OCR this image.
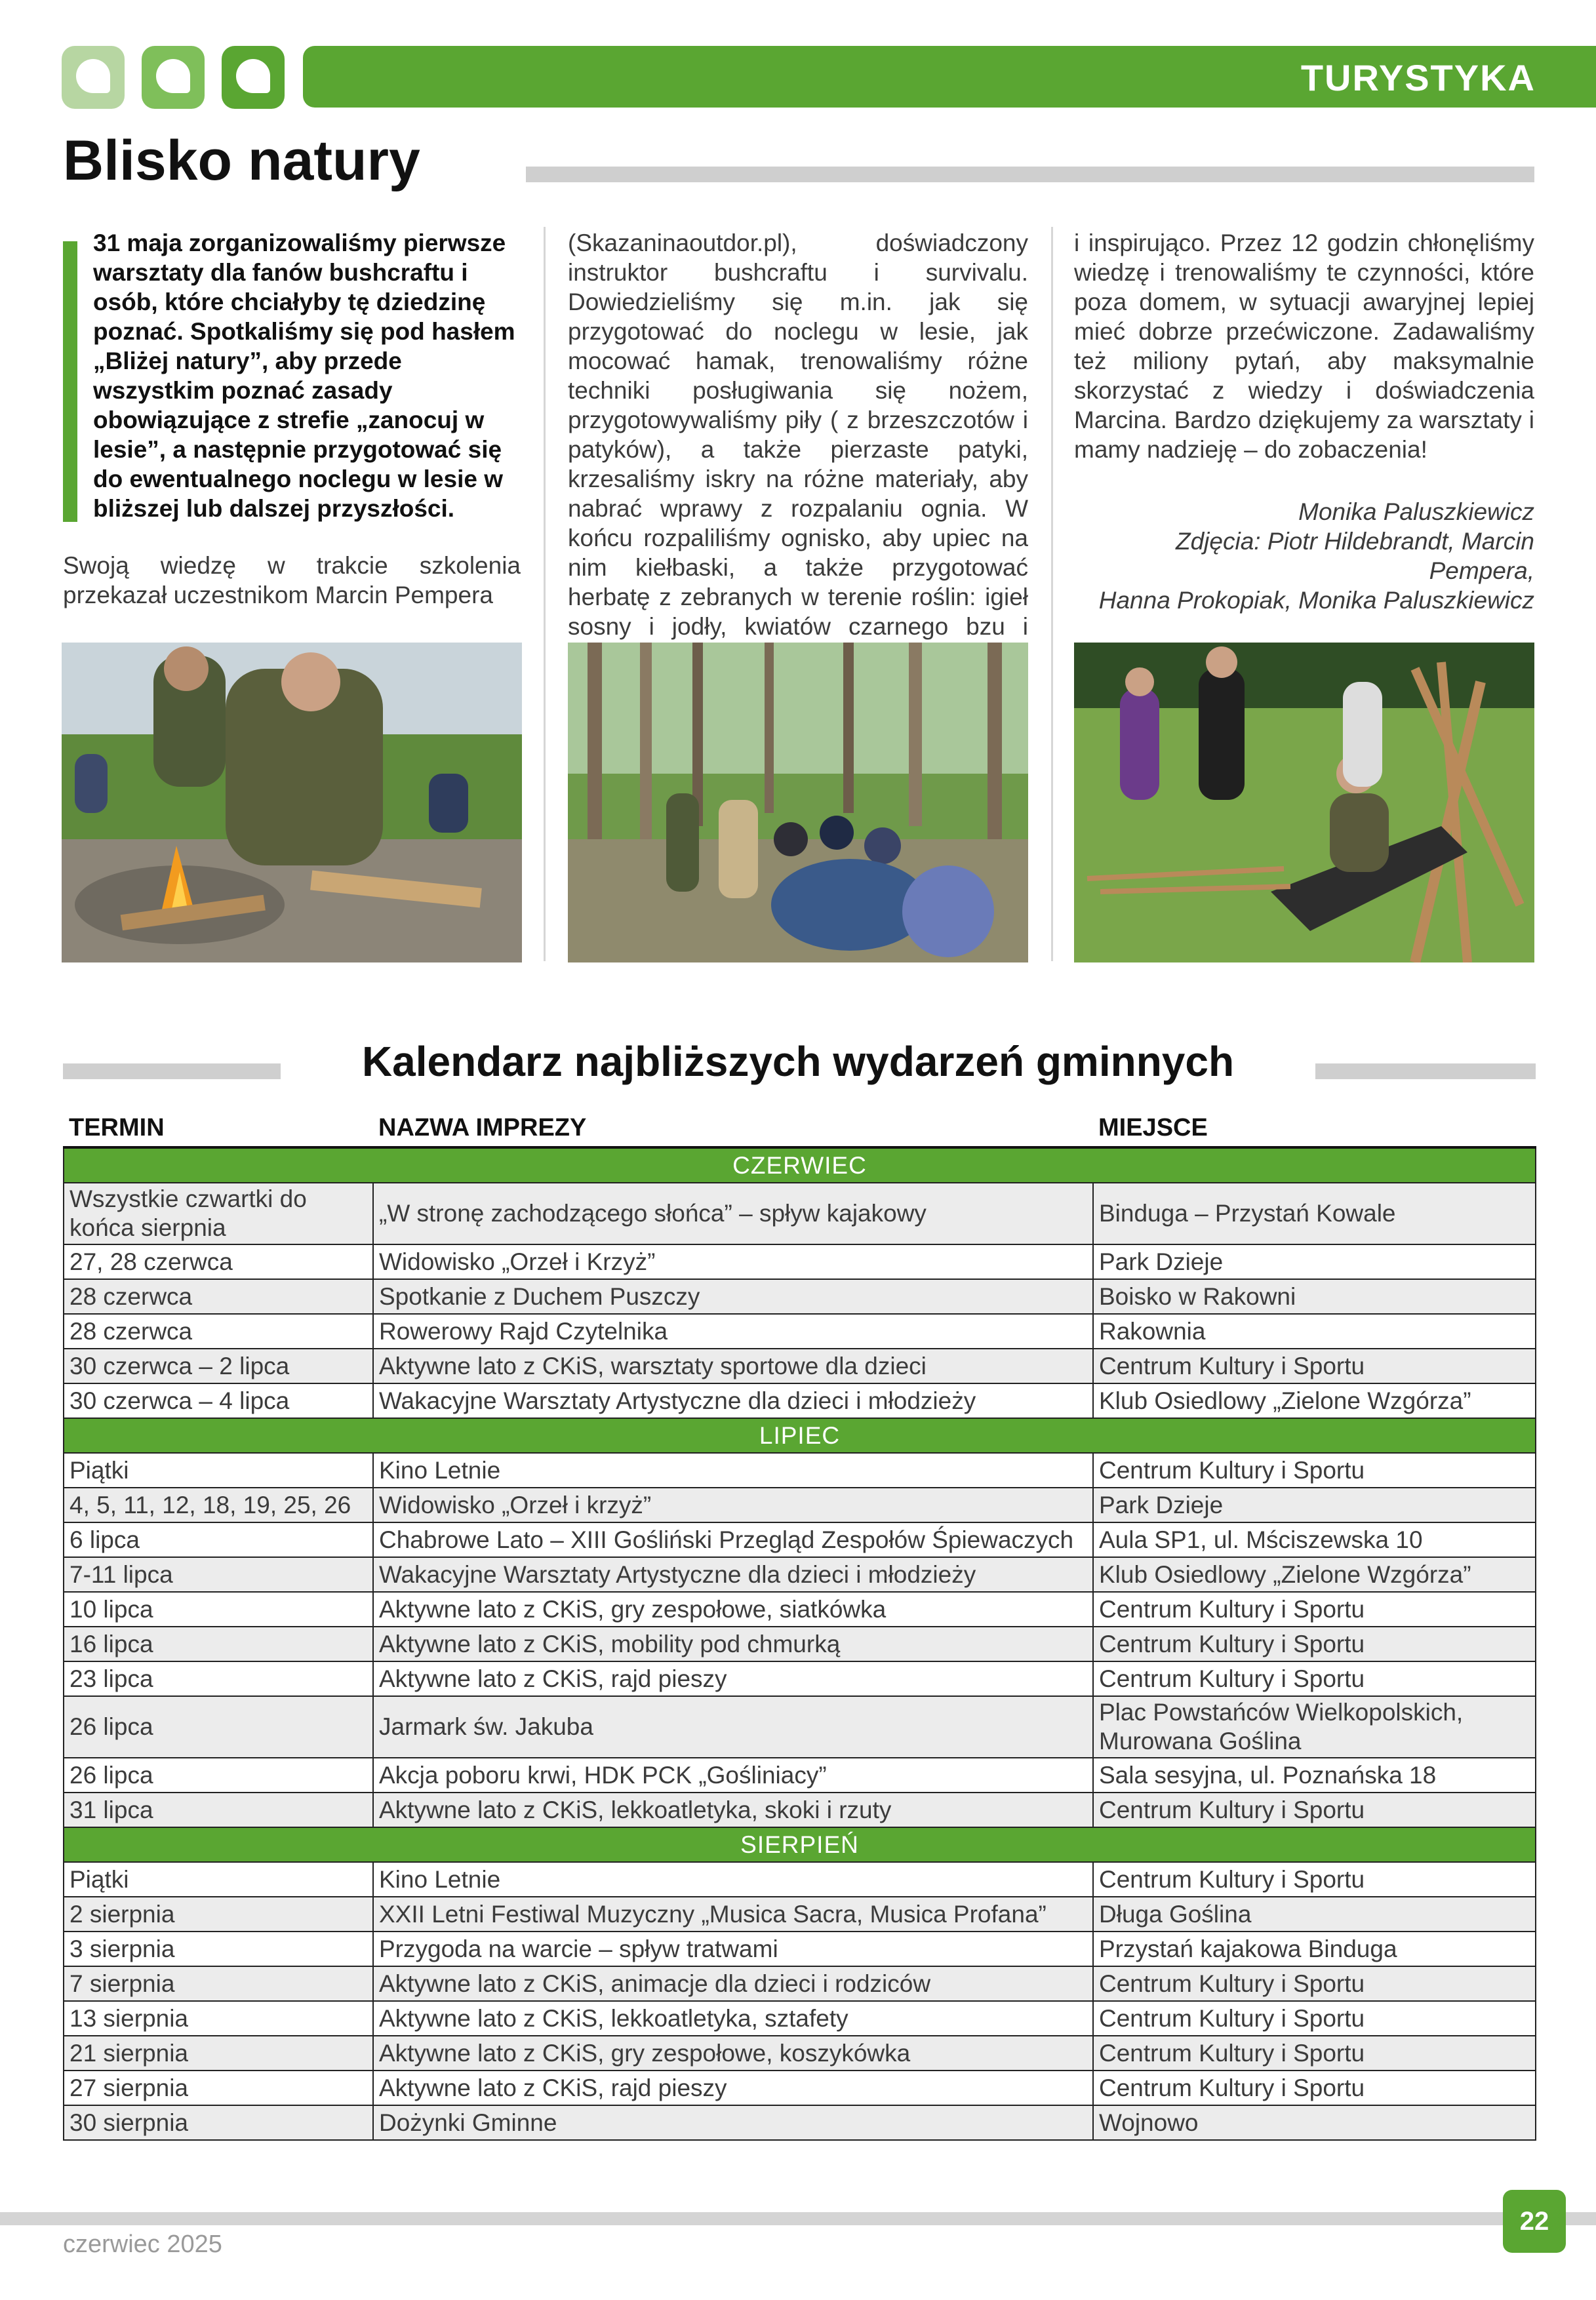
TURYSTYKA
Blisko natury
31 maja zorganizowaliśmy pierwsze warsztaty dla fanów bushcraftu i osób, które chciałyby tę dziedzinę poznać. Spotkaliśmy się pod hasłem „Bliżej natury”, aby przede wszystkim poznać zasady obowiązujące z strefie „zanocuj w lesie”, a następnie przygotować się do ewentualnego noclegu w lesie w bliższej lub dalszej przyszłości.
Swoją wiedzę w trakcie szkolenia przekazał uczestnikom Marcin Pempera
(Skazaninaoutdor.pl), doświadczony instruktor bushcraftu i survivalu. Dowiedzieliśmy się m.in. jak się przygotować do noclegu w lesie, jak mocować hamak, trenowaliśmy różne techniki posługiwania się nożem, przygotowywaliśmy piły ( z brzeszczotów i patyków), a także pierzaste patyki, krzesaliśmy iskry na różne materiały, aby nabrać wprawy z rozpalaniu ognia. W końcu rozpaliliśmy ognisko, aby upiec na nim kiełbaski, a także przygotować herbatę z zebranych w terenie roślin: igieł sosny i jodły, kwiatów czarnego bzu i
i inspirująco. Przez 12 godzin chłonęliśmy wiedzę i trenowaliśmy te czynności, które poza domem, w sytuacji awaryjnej lepiej mieć dobrze przećwiczone. Zadawaliśmy też miliony pytań, aby maksymalnie skorzystać z wiedzy i doświadczenia Marcina. Bardzo dziękujemy za warsztaty i mamy nadzieję – do zobaczenia!
Monika Paluszkiewicz
Zdjęcia: Piotr Hildebrandt, Marcin Pempera,
Hanna Prokopiak, Monika Paluszkiewicz
Kalendarz najbliższych wydarzeń gminnych
TERMIN	NAZWA IMPREZY	MIEJSCE
CZERWIEC		
Wszystkie czwartki do końca sierpnia	„W stronę zachodzącego słońca” – spływ kajakowy	Binduga – Przystań Kowale
27, 28 czerwca	Widowisko „Orzeł i Krzyż”	Park Dzieje
28 czerwca	Spotkanie z Duchem Puszczy	Boisko w Rakowni
28 czerwca	Rowerowy Rajd Czytelnika	Rakownia
30 czerwca – 2 lipca	Aktywne lato z CKiS, warsztaty sportowe dla dzieci	Centrum Kultury i Sportu
30 czerwca – 4 lipca	Wakacyjne Warsztaty Artystyczne dla dzieci i młodzieży	Klub Osiedlowy „Zielone Wzgórza”
LIPIEC		
Piątki	Kino Letnie	Centrum Kultury i Sportu
4, 5, 11, 12, 18, 19, 25, 26	Widowisko „Orzeł i krzyż”	Park Dzieje
6 lipca	Chabrowe Lato – XIII Gośliński Przegląd Zespołów Śpiewaczych	Aula SP1, ul. Mściszewska 10
7-11 lipca	Wakacyjne Warsztaty Artystyczne dla dzieci i młodzieży	Klub Osiedlowy „Zielone Wzgórza”
10 lipca	Aktywne lato z CKiS, gry zespołowe, siatkówka	Centrum Kultury i Sportu
16 lipca	Aktywne lato z CKiS, mobility pod chmurką	Centrum Kultury i Sportu
23 lipca	Aktywne lato z CKiS, rajd pieszy	Centrum Kultury i Sportu
26 lipca	Jarmark św. Jakuba	Plac Powstańców Wielkopolskich, Murowana Goślina
26 lipca	Akcja poboru krwi, HDK PCK „Gośliniacy”	Sala sesyjna, ul. Poznańska 18
31 lipca	Aktywne lato z CKiS, lekkoatletyka, skoki i rzuty	Centrum Kultury i Sportu
SIERPIEŃ		
Piątki	Kino Letnie	Centrum Kultury i Sportu
2 sierpnia	XXII Letni Festiwal Muzyczny „Musica Sacra, Musica Profana”	Długa Goślina
3 sierpnia	Przygoda na warcie – spływ tratwami	Przystań kajakowa Binduga
7 sierpnia	Aktywne lato z CKiS, animacje dla dzieci i rodziców	Centrum Kultury i Sportu
13 sierpnia	Aktywne lato z CKiS, lekkoatletyka, sztafety	Centrum Kultury i Sportu
21 sierpnia	Aktywne lato z CKiS, gry zespołowe, koszykówka	Centrum Kultury i Sportu
27 sierpnia	Aktywne lato z CKiS, rajd pieszy	Centrum Kultury i Sportu
30 sierpnia	Dożynki Gminne	Wojnowo
czerwiec 2025
22
